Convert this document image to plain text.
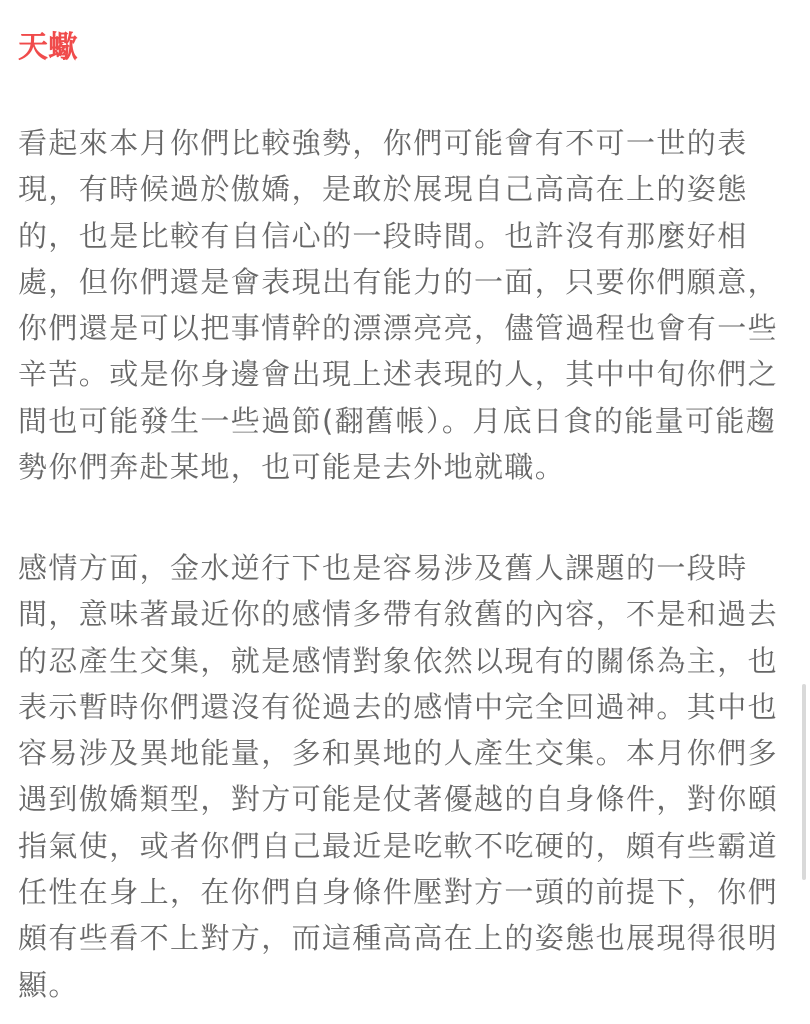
天蠍

看起來本月你們比較強勢，你們可能會有不可一世的表
現，有時候過於傲嬌，是敢於展現自己高高在上的姿態
的，也是比較有自信心的一段時間。也許沒有那麼好相
處，但你們還是會表現出有能力的一面，只要你們願意，
你們還是可以把事情幹的漂漂亮亮，儘管過程也會有一些
辛苦。或是你身邊會出現上述表現的人，其中中旬你們之
間也可能發生一些過節(翻舊帳）。月底日食的能量可能趨
勢你們奔赴某地，也可能是去外地就職。

感情方面，金水逆行下也是容易涉及舊人課題的一段時
間，意味著最近你的感情多帶有敘舊的內容，不是和過去
的忍產生交集，就是感情對象依然以現有的關係為主，也
表示暫時你們還沒有從過去的感情中完全回過神。其中也
容易涉及異地能量，多和異地的人產生交集。本月你們多
遇到傲嬌類型，對方可能是仗著優越的自身條件，對你頤
指氣使，或者你們自己最近是吃軟不吃硬的，頗有些霸道
任性在身上，在你們自身條件壓對方一頭的前提下，你們
頗有些看不上對方，而這種高高在上的姿態也展現得很明
顯。
